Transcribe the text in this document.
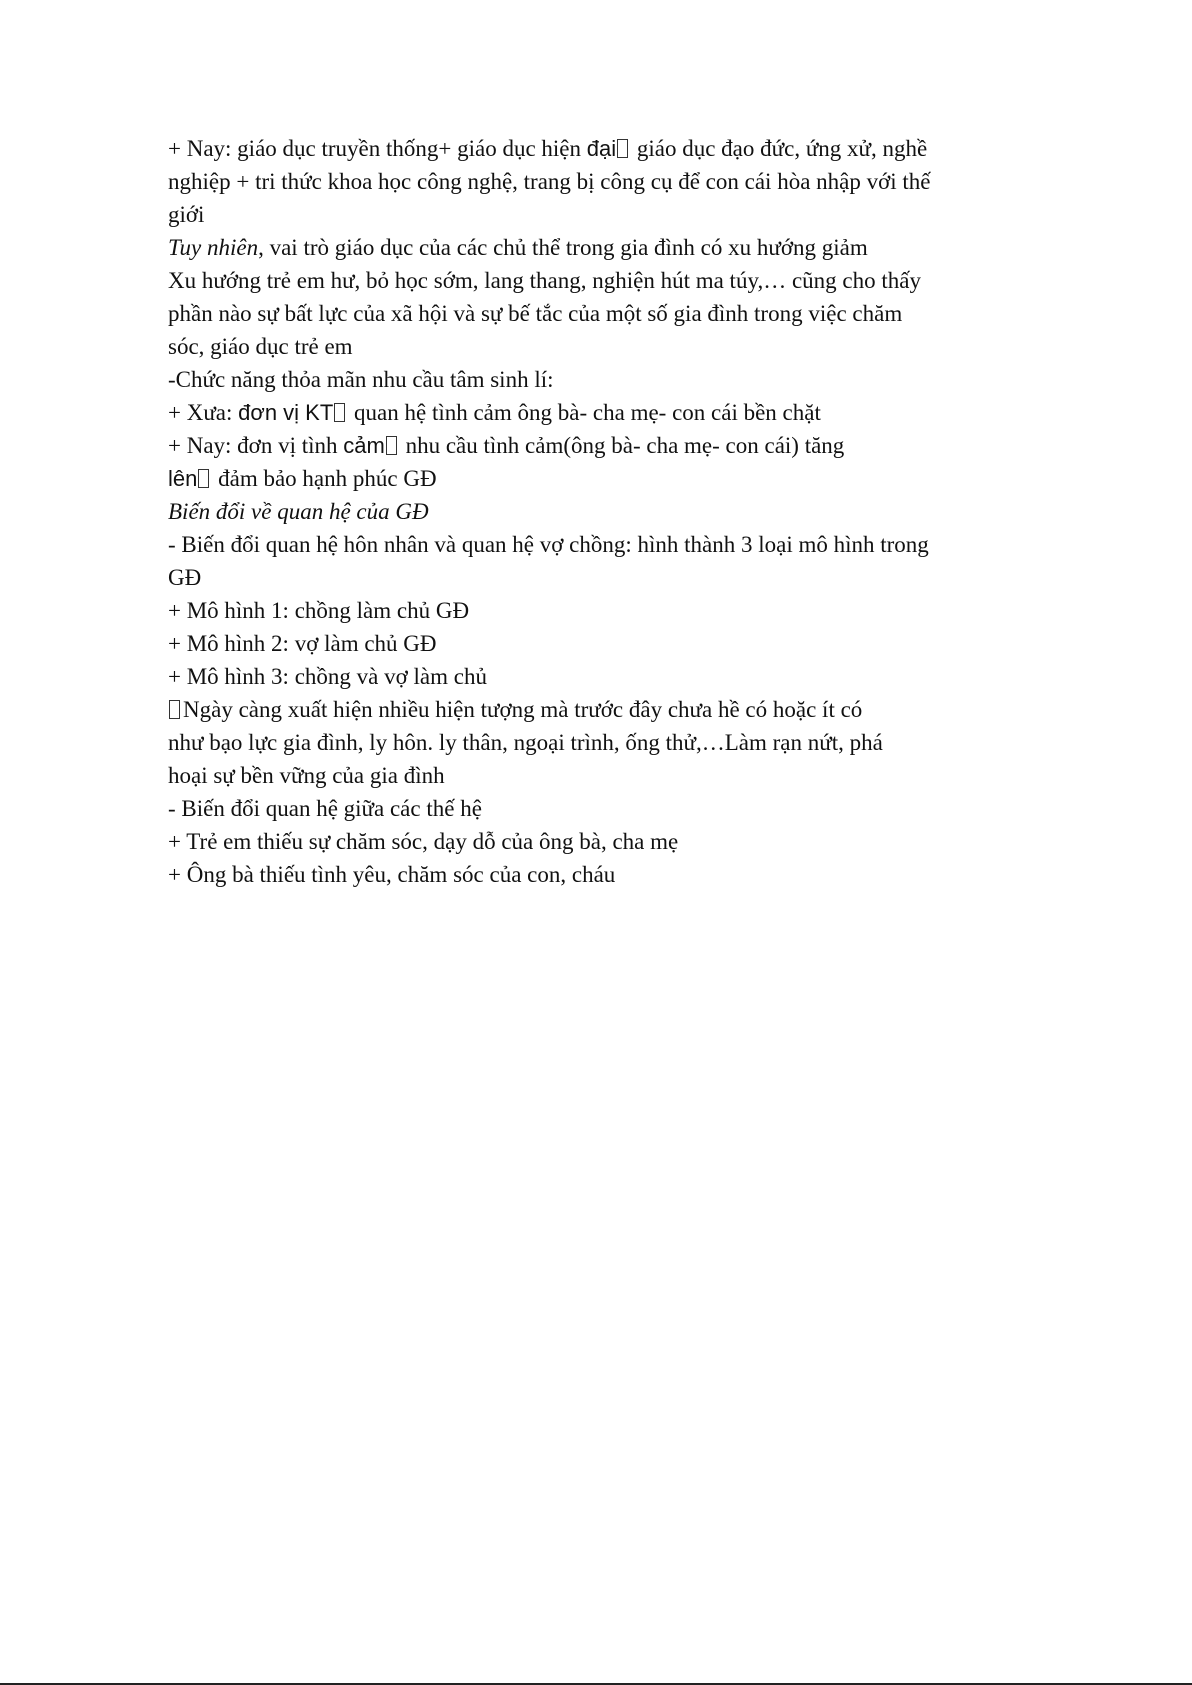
+ Nay: giáo dục truyền thống+ giáo dục hiện đại giáo dục đạo đức, ứng xử, nghề
nghiệp + tri thức khoa học công nghệ, trang bị công cụ để con cái hòa nhập với thế
giới
Tuy nhiên, vai trò giáo dục của các chủ thể trong gia đình có xu hướng giảm
Xu hướng trẻ em hư, bỏ học sớm, lang thang, nghiện hút ma túy,… cũng cho thấy
phần nào sự bất lực của xã hội và sự bế tắc của một số gia đình trong việc chăm
sóc, giáo dục trẻ em
-Chức năng thỏa mãn nhu cầu tâm sinh lí:
+ Xưa: đơn vị KT quan hệ tình cảm ông bà- cha mẹ- con cái bền chặt
+ Nay: đơn vị tình cảm nhu cầu tình cảm(ông bà- cha mẹ- con cái) tăng
lên đảm bảo hạnh phúc GĐ
Biến đổi về quan hệ của GĐ
- Biến đổi quan hệ hôn nhân và quan hệ vợ chồng: hình thành 3 loại mô hình trong
GĐ
+ Mô hình 1: chồng làm chủ GĐ
+ Mô hình 2: vợ làm chủ GĐ
+ Mô hình 3: chồng và vợ làm chủ
Ngày càng xuất hiện nhiều hiện tượng mà trước đây chưa hề có hoặc ít có
như bạo lực gia đình, ly hôn. ly thân, ngoại trình, ống thử,…Làm rạn nứt, phá
hoại sự bền vững của gia đình
- Biến đổi quan hệ giữa các thế hệ
+ Trẻ em thiếu sự chăm sóc, dạy dỗ của ông bà, cha mẹ
+ Ông bà thiếu tình yêu, chăm sóc của con, cháu
